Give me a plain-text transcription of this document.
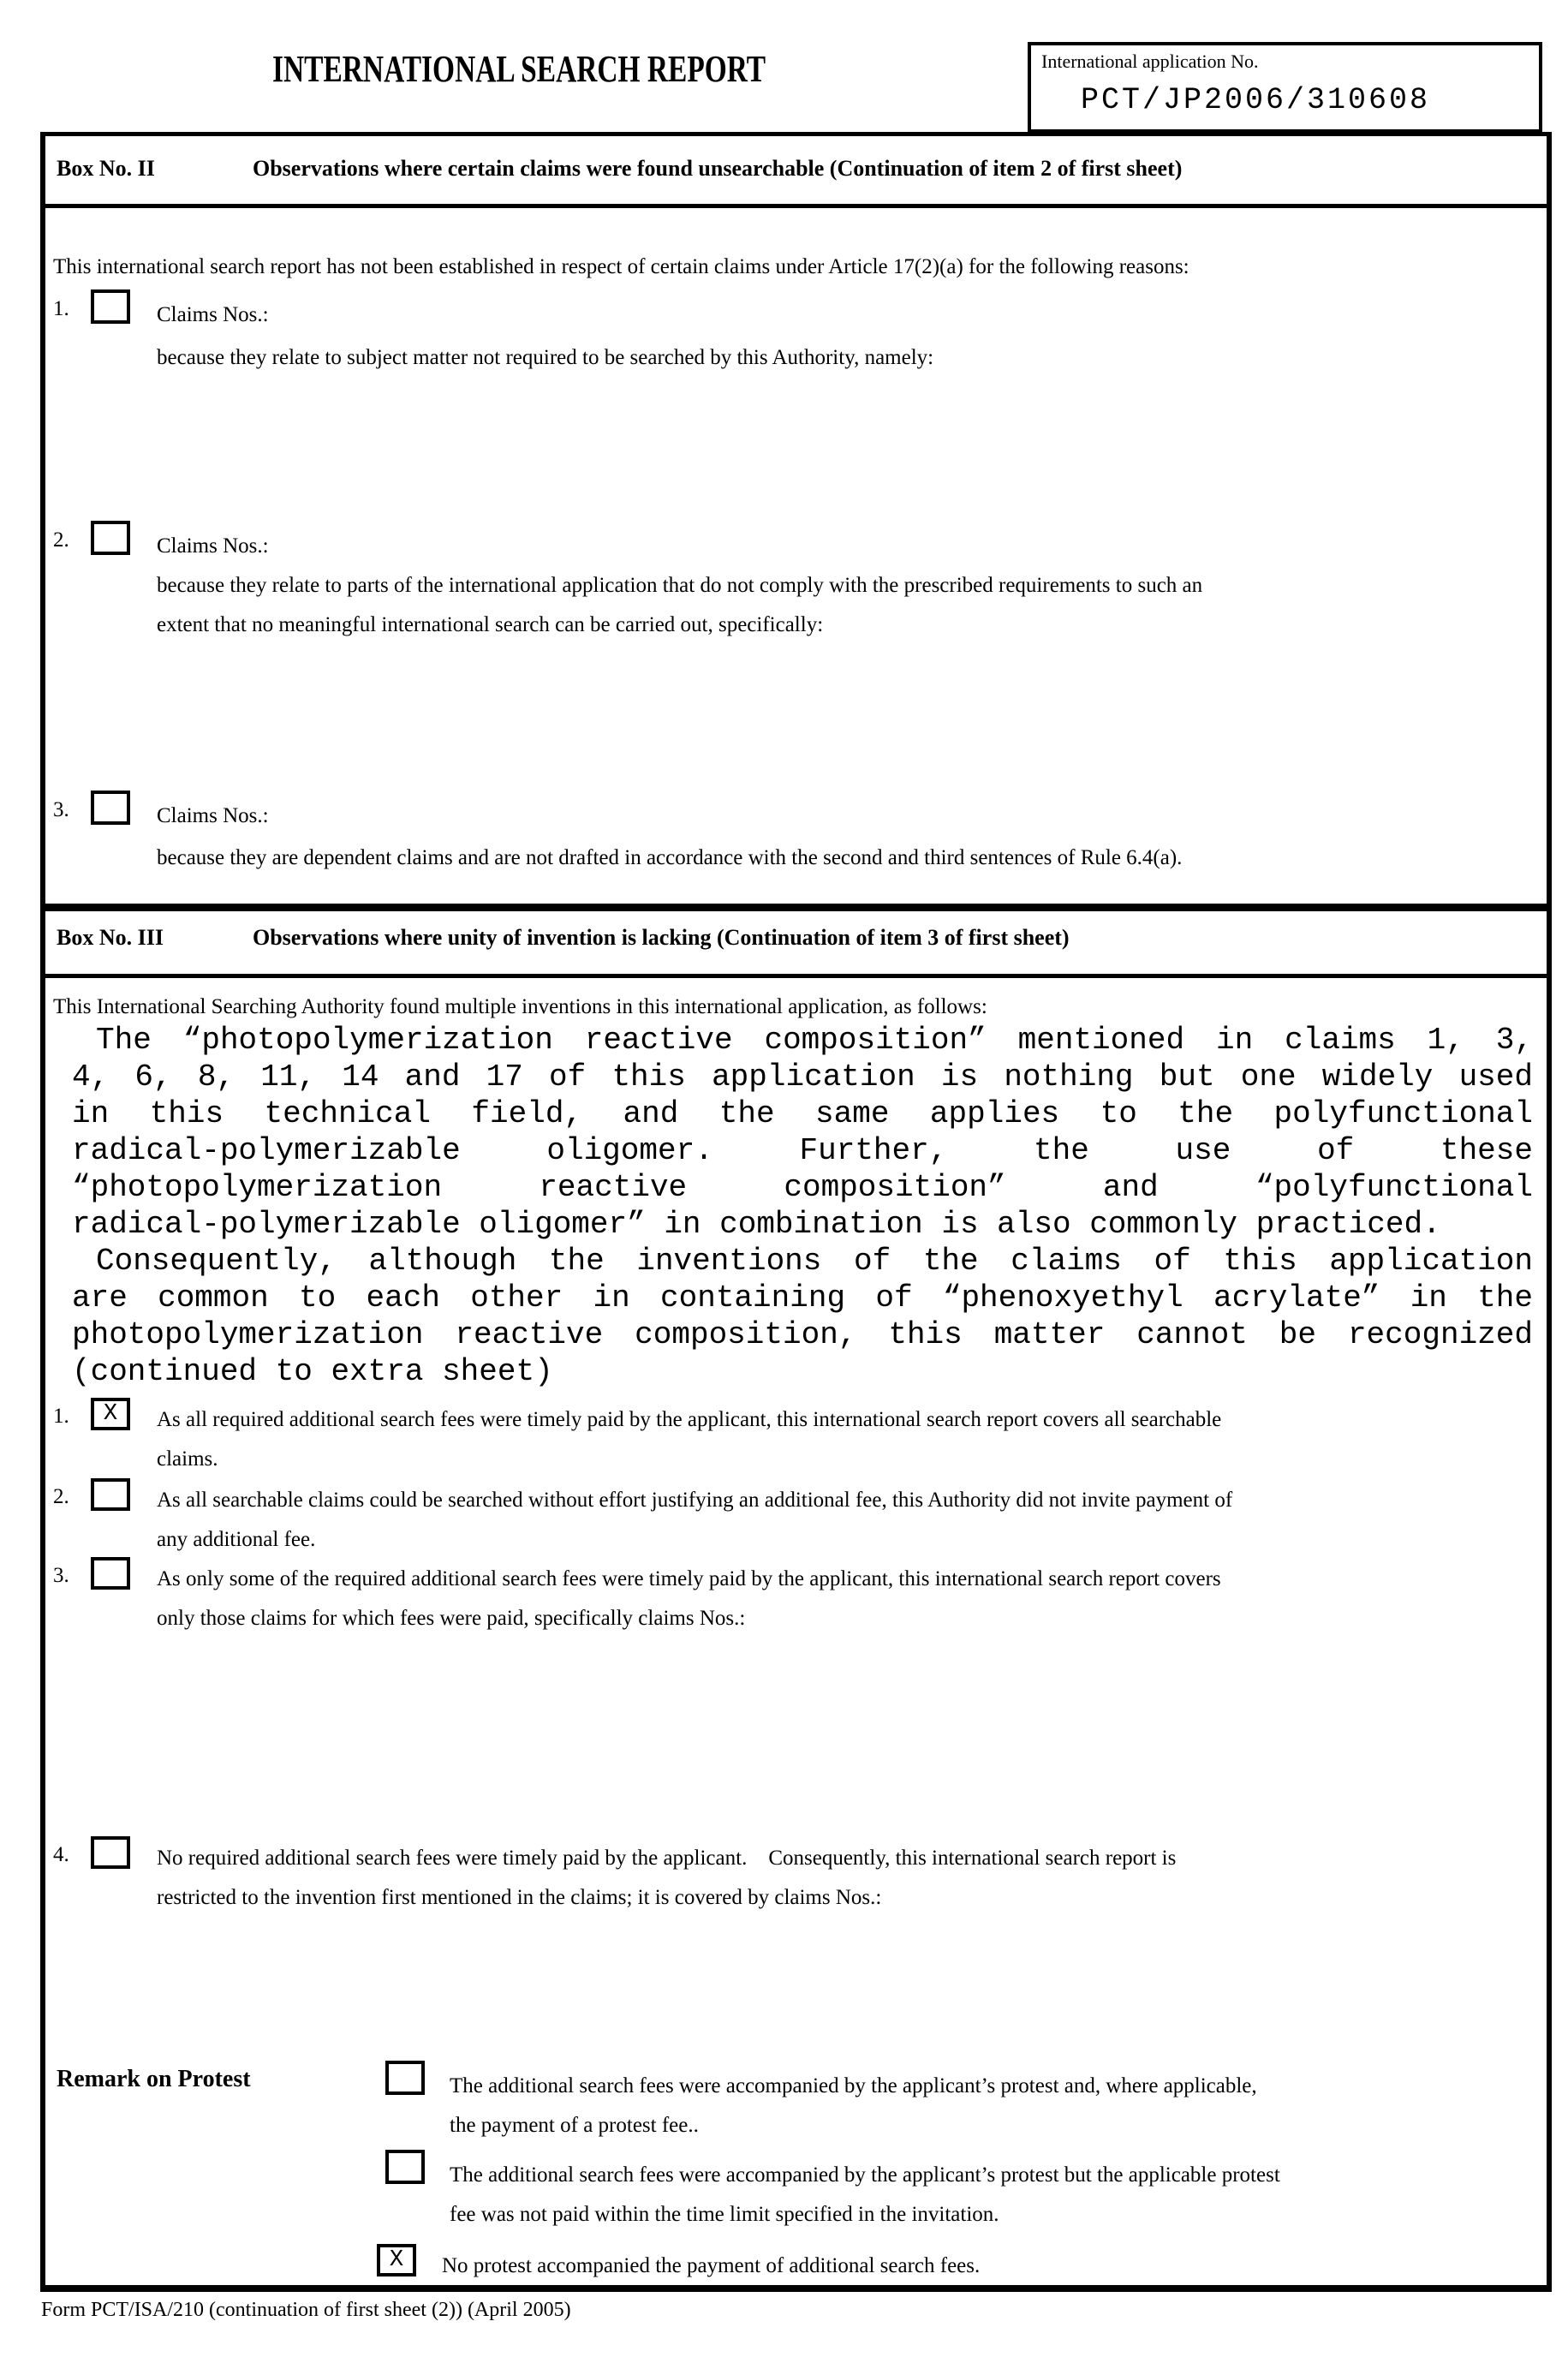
INTERNATIONAL SEARCH REPORT	International application No.
PCT/JP2006/310608
Box No. II	Observations where certain claims were found unsearchable (Continuation of item 2 of first sheet)
This international search report has not been established in respect of certain claims under Article 17(2)(a) for the following reasons:
1.	Claims Nos.:
because they relate to subject matter not required to be searched by this Authority, namely:
2.	Claims Nos.:
because they relate to parts of the international application that do not comply with the prescribed requirements to such an
extent that no meaningful international search can be carried out, specifically:
3.	Claims Nos.:
because they are dependent claims and are not drafted in accordance with the second and third sentences of Rule 6.4(a).
Box No. III	Observations where unity of invention is lacking (Continuation of item 3 of first sheet)
This International Searching Authority found multiple inventions in this international application, as follows:
The “photopolymerization reactive composition” mentioned in claims 1, 3,
4, 6, 8, 11, 14 and 17 of this application is nothing but one widely used
in this technical field, and the same applies to the polyfunctional
radical-polymerizable oligomer. Further, the use of these
“photopolymerization reactive composition” and “polyfunctional
radical-polymerizable oligomer” in combination is also commonly practiced.
Consequently, although the inventions of the claims of this application
are common to each other in containing of “phenoxyethyl acrylate” in the
photopolymerization reactive composition, this matter cannot be recognized
(continued to extra sheet)
1. X As all required additional search fees were timely paid by the applicant, this international search report covers all searchable
claims.
2.	As all searchable claims could be searched without effort justifying an additional fee, this Authority did not invite payment of
any additional fee.
3.	As only some of the required additional search fees were timely paid by the applicant, this international search report covers
only those claims for which fees were paid, specifically claims Nos.:
4.	No required additional search fees were timely paid by the applicant.    Consequently, this international search report is
restricted to the invention first mentioned in the claims; it is covered by claims Nos.:
Remark on Protest	The additional search fees were accompanied by the applicant’s protest and, where applicable,
the payment of a protest fee..
The additional search fees were accompanied by the applicant’s protest but the applicable protest
fee was not paid within the time limit specified in the invitation.
X No protest accompanied the payment of additional search fees.
Form PCT/ISA/210 (continuation of first sheet (2)) (April 2005)
